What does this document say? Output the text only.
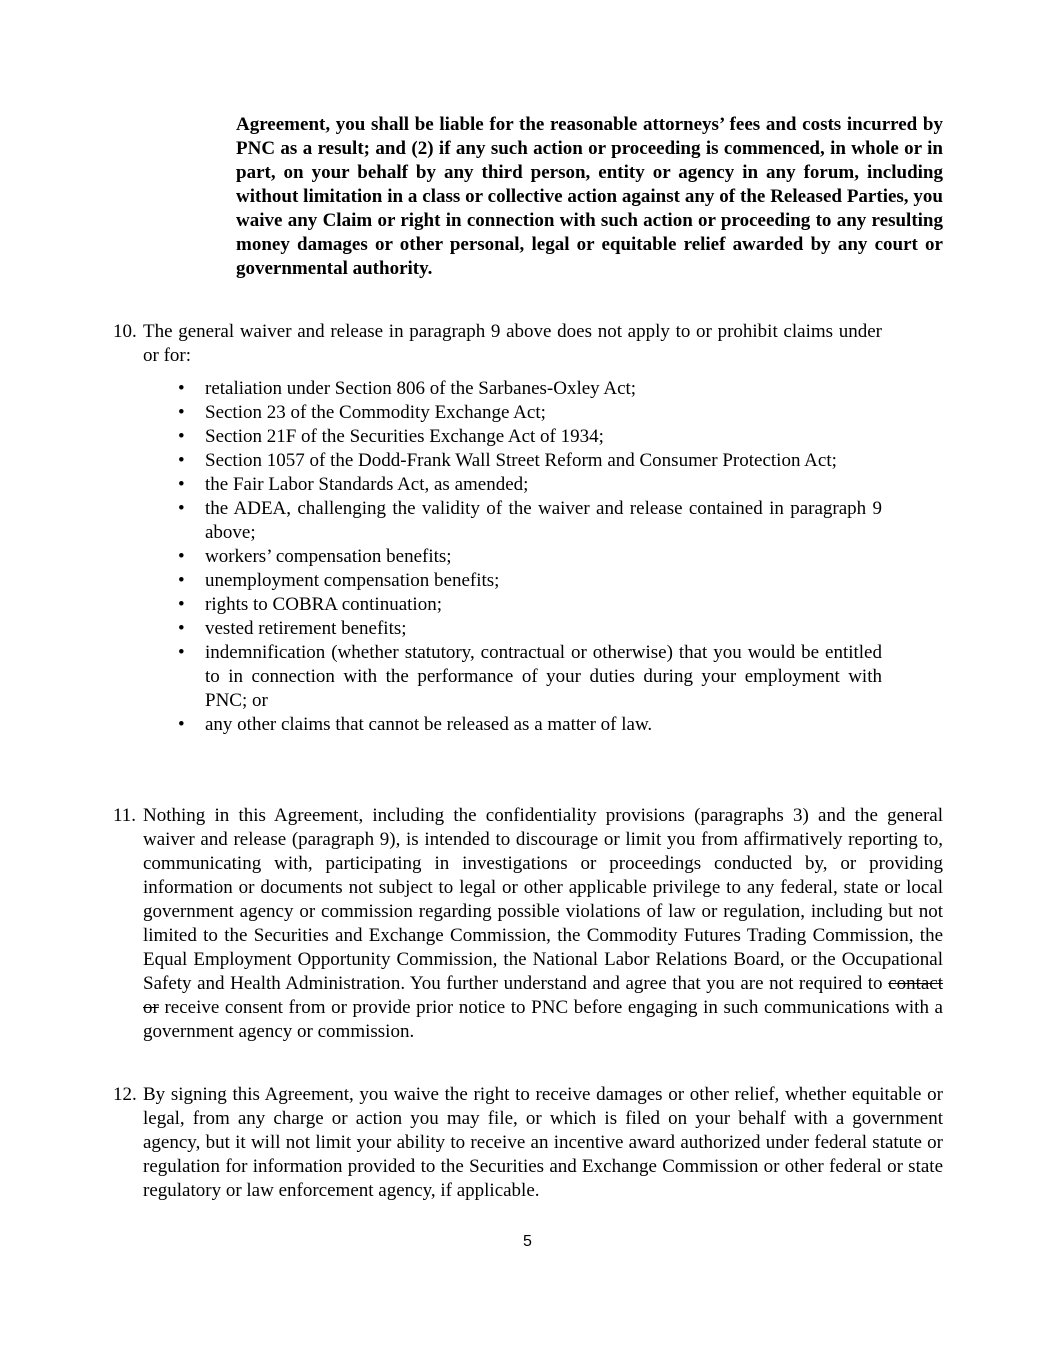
Agreement, you shall be liable for the reasonable attorneys’ fees and costs incurred by PNC as a result; and (2) if any such action or proceeding is commenced, in whole or in part, on your behalf by any third person, entity or agency in any forum, including without limitation in a class or collective action against any of the Released Parties, you waive any Claim or right in connection with such action or proceeding to any resulting money damages or other personal, legal or equitable relief awarded by any court or governmental authority.
10. The general waiver and release in paragraph 9 above does not apply to or prohibit claims under or for:
• retaliation under Section 806 of the Sarbanes-Oxley Act;
• Section 23 of the Commodity Exchange Act;
• Section 21F of the Securities Exchange Act of 1934;
• Section 1057 of the Dodd-Frank Wall Street Reform and Consumer Protection Act;
• the Fair Labor Standards Act, as amended;
• the ADEA, challenging the validity of the waiver and release contained in paragraph 9 above;
• workers’ compensation benefits;
• unemployment compensation benefits;
• rights to COBRA continuation;
• vested retirement benefits;
• indemnification (whether statutory, contractual or otherwise) that you would be entitled to in connection with the performance of your duties during your employment with PNC; or
• any other claims that cannot be released as a matter of law.
11. Nothing in this Agreement, including the confidentiality provisions (paragraphs 3) and the general waiver and release (paragraph 9), is intended to discourage or limit you from affirmatively reporting to, communicating with, participating in investigations or proceedings conducted by, or providing information or documents not subject to legal or other applicable privilege to any federal, state or local government agency or commission regarding possible violations of law or regulation, including but not limited to the Securities and Exchange Commission, the Commodity Futures Trading Commission, the Equal Employment Opportunity Commission, the National Labor Relations Board, or the Occupational Safety and Health Administration. You further understand and agree that you are not required to contact or receive consent from or provide prior notice to PNC before engaging in such communications with a government agency or commission.
12. By signing this Agreement, you waive the right to receive damages or other relief, whether equitable or legal, from any charge or action you may file, or which is filed on your behalf with a government agency, but it will not limit your ability to receive an incentive award authorized under federal statute or regulation for information provided to the Securities and Exchange Commission or other federal or state regulatory or law enforcement agency, if applicable.
5
